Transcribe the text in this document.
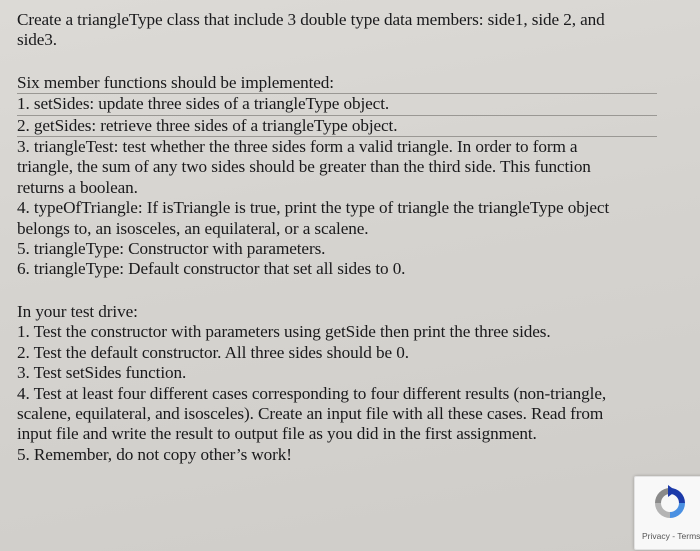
Create a triangleType class that include 3 double type data members: side1, side 2, and
side3.
Six member functions should be implemented:
1. setSides: update three sides of a triangleType object.
2. getSides: retrieve three sides of a triangleType object.
3. triangleTest: test whether the three sides form a valid triangle. In order to form a
triangle, the sum of any two sides should be greater than the third side. This function
returns a boolean.
4. typeOfTriangle: If isTriangle is true, print the type of triangle the triangleType object
belongs to, an isosceles, an equilateral, or a scalene.
5. triangleType: Constructor with parameters.
6. triangleType: Default constructor that set all sides to 0.
In your test drive:
1. Test the constructor with parameters using getSide then print the three sides.
2. Test the default constructor. All three sides should be 0.
3. Test setSides function.
4. Test at least four different cases corresponding to four different results (non-triangle,
scalene, equilateral, and isosceles). Create an input file with all these cases. Read from
input file and write the result to output file as you did in the first assignment.
5. Remember, do not copy other’s work!
Privacy - Terms
